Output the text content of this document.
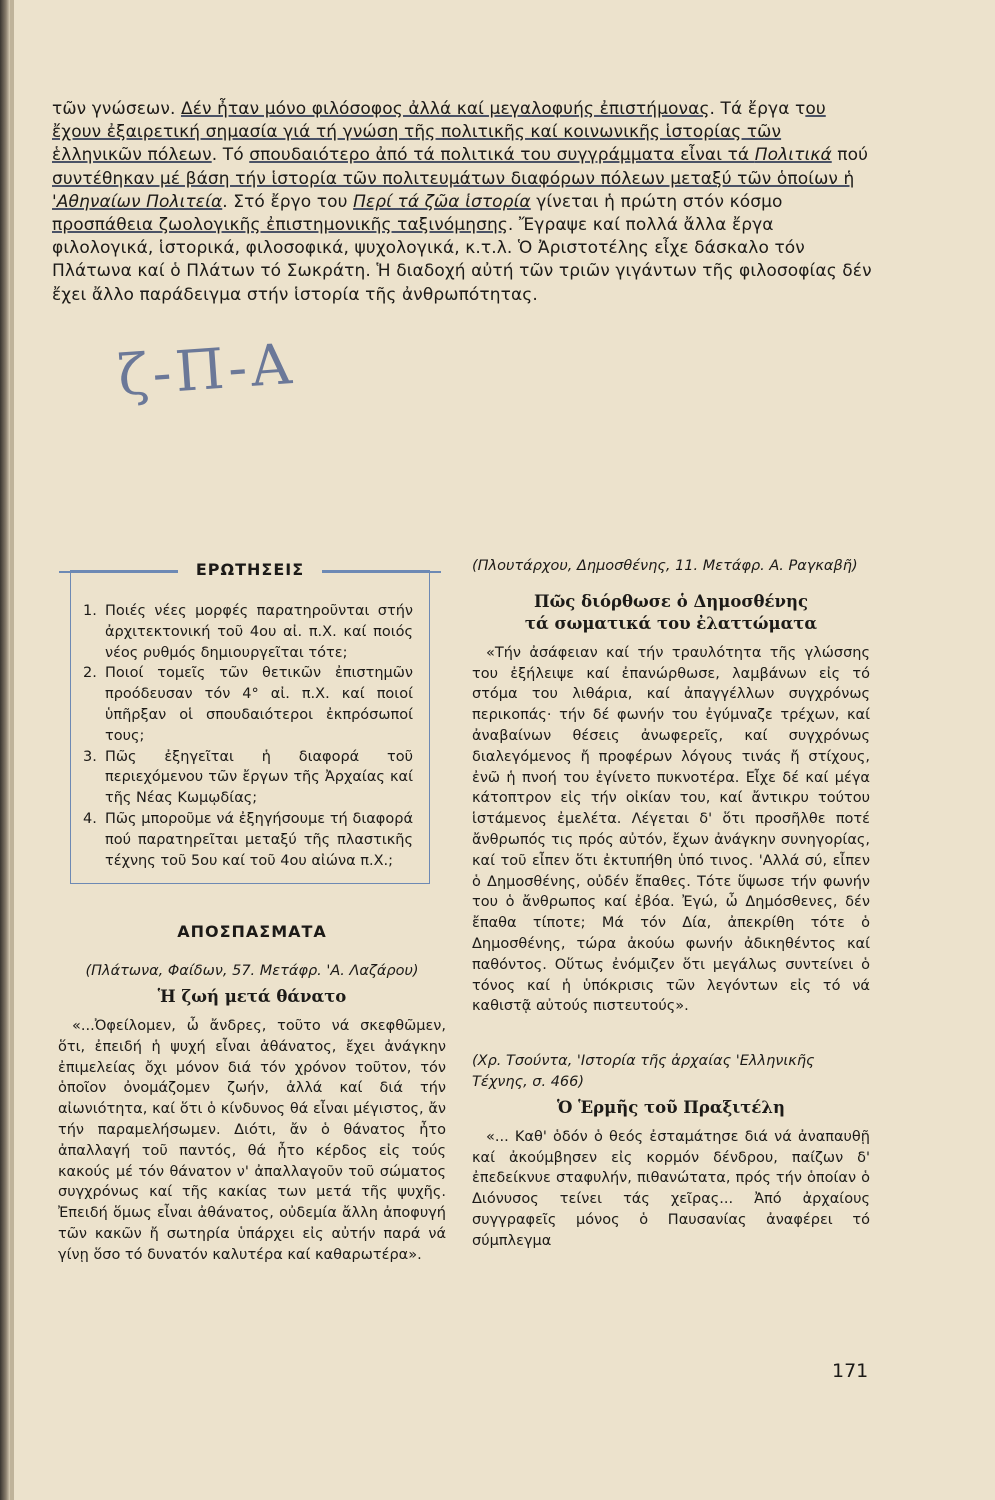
τῶν γνώσεων. Δέν ἦταν μόνο φιλόσοφος ἀλλά καί μεγαλοφυής ἐπιστήμονας. Τά ἔργα του ἔχουν ἐξαιρετική σημασία γιά τή γνώση τῆς πολιτικῆς καί κοινωνικῆς ἱστορίας τῶν ἑλληνικῶν πόλεων. Τό σπουδαιότερο ἀπό τά πολιτικά του συγγράμματα εἶναι τά Πολιτικά πού συντέθηκαν μέ βάση τήν ἱστορία τῶν πολιτευμάτων διαφόρων πόλεων μεταξύ τῶν ὁποίων ἡ 'Αθηναίων Πολιτεία. Στό ἔργο του Περί τά ζῶα ἱστορία γίνεται ἡ πρώτη στόν κόσμο προσπάθεια ζωολογικῆς ἐπιστημονικῆς ταξινόμησης. Ἔγραψε καί πολλά ἄλλα ἔργα φιλολογικά, ἱστορικά, φιλοσοφικά, ψυχολογικά, κ.τ.λ. Ὁ Ἀριστοτέλης εἶχε δάσκαλο τόν Πλάτωνα καί ὁ Πλάτων τό Σωκράτη. Ἡ διαδοχή αὐτή τῶν τριῶν γιγάντων τῆς φιλοσοφίας δέν ἔχει ἄλλο παράδειγμα στήν ἱστορία τῆς ἀνθρωπότητας.

ζ-Π-Α
ΕΡΩΤΗΣΕΙΣ
1. Ποιές νέες μορφές παρατηροῦνται στήν ἀρχιτεκτονική τοῦ 4ου αἰ. π.Χ. καί ποιός νέος ρυθμός δημιουργεῖται τότε;
2. Ποιοί τομεῖς τῶν θετικῶν ἐπιστημῶν προόδευσαν τόν 4° αἰ. π.Χ. καί ποιοί ὑπῆρξαν οἱ σπουδαιότεροι ἐκπρόσωποί τους;
3. Πῶς ἐξηγεῖται ἡ διαφορά τοῦ περιεχόμενου τῶν ἔργων τῆς Ἀρχαίας καί τῆς Νέας Κωμῳδίας;
4. Πῶς μποροῦμε νά ἐξηγήσουμε τή διαφορά πού παρατηρεῖται μεταξύ τῆς πλαστικῆς τέχνης τοῦ 5ου καί τοῦ 4ου αἰώνα π.Χ.;
ΑΠΟΣΠΑΣΜΑΤΑ

(Πλάτωνα, Φαίδων, 57. Μετάφρ. 'Α. Λαζάρου)

Ἡ ζωή μετά θάνατο

«...Ὀφείλομεν, ὦ ἄνδρες, τοῦτο νά σκεφθῶμεν, ὅτι, ἐπειδή ἡ ψυχή εἶναι ἀθάνατος, ἔχει ἀνάγκην ἐπιμελείας ὄχι μόνον διά τόν χρόνον τοῦτον, τόν ὁποῖον ὀνομάζομεν ζωήν, ἀλλά καί διά τήν αἰωνιότητα, καί ὅτι ὁ κίνδυνος θά εἶναι μέγιστος, ἄν τήν παραμελήσωμεν. Διότι, ἄν ὁ θάνατος ἦτο ἀπαλλαγή τοῦ παντός, θά ἦτο κέρδος εἰς τούς κακούς μέ τόν θάνατον ν' ἀπαλλαγοῦν τοῦ σώματος συγχρόνως καί τῆς κακίας των μετά τῆς ψυχῆς. Ἐπειδή ὅμως εἶναι ἀθάνατος, οὐδεμία ἄλλη ἀποφυγή τῶν κακῶν ἤ σωτηρία ὑπάρχει εἰς αὐτήν παρά νά γίνῃ ὅσο τό δυνατόν καλυτέρα καί καθαρωτέρα».

(Πλουτάρχου, Δημοσθένης, 11. Μετάφρ. Α. Ραγκαβῆ)

Πῶς διόρθωσε ὁ Δημοσθένης
τά σωματικά του ἐλαττώματα

«Τήν ἀσάφειαν καί τήν τραυλότητα τῆς γλώσσης του ἐξήλειψε καί ἐπανώρθωσε, λαμβάνων εἰς τό στόμα του λιθάρια, καί ἀπαγγέλλων συγχρόνως περικοπάς· τήν δέ φωνήν του ἐγύμναζε τρέχων, καί ἀναβαίνων θέσεις ἀνωφερεῖς, καί συγχρόνως διαλεγόμενος ἤ προφέρων λόγους τινάς ἤ στίχους, ἐνῶ ἡ πνοή του ἐγίνετο πυκνοτέρα. Εἶχε δέ καί μέγα κάτοπτρον εἰς τήν οἰκίαν του, καί ἄντικρυ τούτου ἱστάμενος ἐμελέτα. Λέγεται δ' ὅτι προσῆλθε ποτέ ἄνθρωπός τις πρός αὐτόν, ἔχων ἀνάγκην συνηγορίας, καί τοῦ εἶπεν ὅτι ἐκτυπήθη ὑπό τινος. 'Αλλά σύ, εἶπεν ὁ Δημοσθένης, οὐδέν ἔπαθες. Τότε ὕψωσε τήν φωνήν του ὁ ἄνθρωπος καί ἐβόα. Ἐγώ, ὦ Δημόσθενες, δέν ἔπαθα τίποτε; Μά τόν Δία, ἀπεκρίθη τότε ὁ Δημοσθένης, τώρα ἀκούω φωνήν ἀδικηθέντος καί παθόντος. Οὕτως ἐνόμιζεν ὅτι μεγάλως συντείνει ὁ τόνος καί ἡ ὑπόκρισις τῶν λεγόντων εἰς τό νά καθιστᾷ αὐτούς πιστευτούς».

(Χρ. Τσούντα, 'Ιστορία τῆς ἀρχαίας 'Ελληνικῆς Τέχνης, σ. 466)

Ὁ Ἑρμῆς τοῦ Πραξιτέλη

«... Καθ' ὁδόν ὁ θεός ἐσταμάτησε διά νά ἀναπαυθῇ καί ἀκούμβησεν εἰς κορμόν δένδρου, παίζων δ' ἐπεδείκνυε σταφυλήν, πιθανώτατα, πρός τήν ὁποίαν ὁ Διόνυσος τείνει τάς χεῖρας... Ἀπό ἀρχαίους συγγραφεῖς μόνος ὁ Παυσανίας ἀναφέρει τό σύμπλεγμα

171
